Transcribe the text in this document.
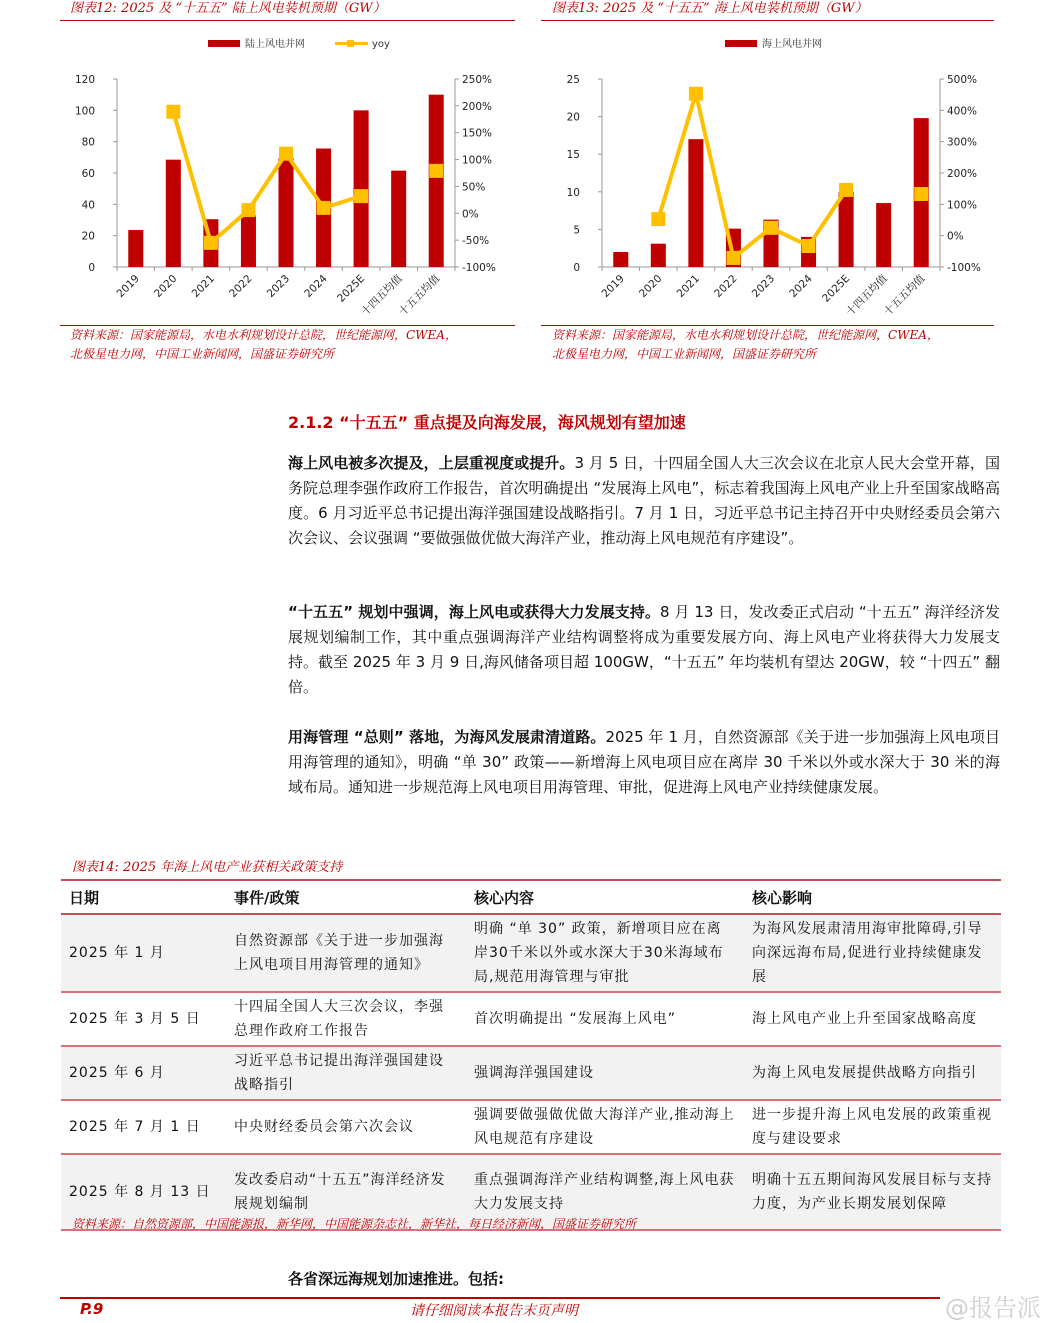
图表12: 2025 及 “十五五” 陆上风电装机预期（GW）
陆上风电并网	yoy
0
20
40
60
80
100
120
-100%
-50%
0%
50%
100%
150%
200%
250%
2019 2020 2021 2022 2023 2024 2025E
十四五均值
十五五均值
资料来源：国家能源局，水电水利规划设计总院，世纪能源网，CWEA，
北极星电力网，中国工业新闻网，国盛证券研究所
图表13: 2025 及 “十五五” 海上风电装机预期（GW）
海上风电并网
0
5
10
15
20
25
-100%
0%
100%
200%
300%
400%
500%
2019 2020 2021 2022 2023 2024 2025E
十四五均值
十五五均值
资料来源：国家能源局，水电水利规划设计总院，世纪能源网，CWEA，
北极星电力网，中国工业新闻网，国盛证券研究所
2.1.2 “十五五” 重点提及向海发展，海风规划有望加速
海上风电被多次提及，上层重视度或提升。3 月 5 日，十四届全国人大三次会议在北京人民大会堂开幕，国务院总理李强作政府工作报告，首次明确提出 “发展海上风电”，标志着我国海上风电产业上升至国家战略高度。6 月习近平总书记提出海洋强国建设战略指引。7 月 1 日，习近平总书记主持召开中央财经委员会第六次会议、会议强调 “要做强做优做大海洋产业，推动海上风电规范有序建设”。
“十五五” 规划中强调，海上风电或获得大力发展支持。8 月 13 日，发改委正式启动 “十五五” 海洋经济发展规划编制工作，其中重点强调海洋产业结构调整将成为重要发展方向、海上风电产业将获得大力发展支持。截至 2025 年 3 月 9 日,海风储备项目超 100GW，“十五五” 年均装机有望达 20GW，较 “十四五” 翻倍。
用海管理 “总则” 落地，为海风发展肃清道路。2025 年 1 月，自然资源部《关于进一步加强海上风电项目用海管理的通知》，明确 “单 30” 政策——新增海上风电项目应在离岸 30 千米以外或水深大于 30 米的海域布局。通知进一步规范海上风电项目用海管理、审批，促进海上风电产业持续健康发展。
图表14: 2025 年海上风电产业获相关政策支持
日期	事件/政策	核心内容	核心影响
2025 年 1 月	自然资源部《关于进一步加强海上风电项目用海管理的通知》	明确 “单 30” 政策，新增项目应在离岸30千米以外或水深大于30米海域布局,规范用海管理与审批	为海风发展肃清用海审批障碍,引导向深远海布局,促进行业持续健康发展
2025 年 3 月 5 日	十四届全国人大三次会议，李强总理作政府工作报告	首次明确提出 “发展海上风电”	海上风电产业上升至国家战略高度
2025 年 6 月	习近平总书记提出海洋强国建设战略指引	强调海洋强国建设	为海上风电发展提供战略方向指引
2025 年 7 月 1 日	中央财经委员会第六次会议	强调要做强做优做大海洋产业,推动海上风电规范有序建设	进一步提升海上风电发展的政策重视度与建设要求
2025 年 8 月 13 日	发改委启动“十五五”海洋经济发展规划编制	重点强调海洋产业结构调整,海上风电获大力发展支持	明确十五五期间海风发展目标与支持力度，为产业长期发展划保障
资料来源：自然资源部，中国能源报，新华网，中国能源杂志社，新华社，每日经济新闻，国盛证券研究所
各省深远海规划加速推进。包括:
P.9	请仔细阅读本报告末页声明	@报告派
